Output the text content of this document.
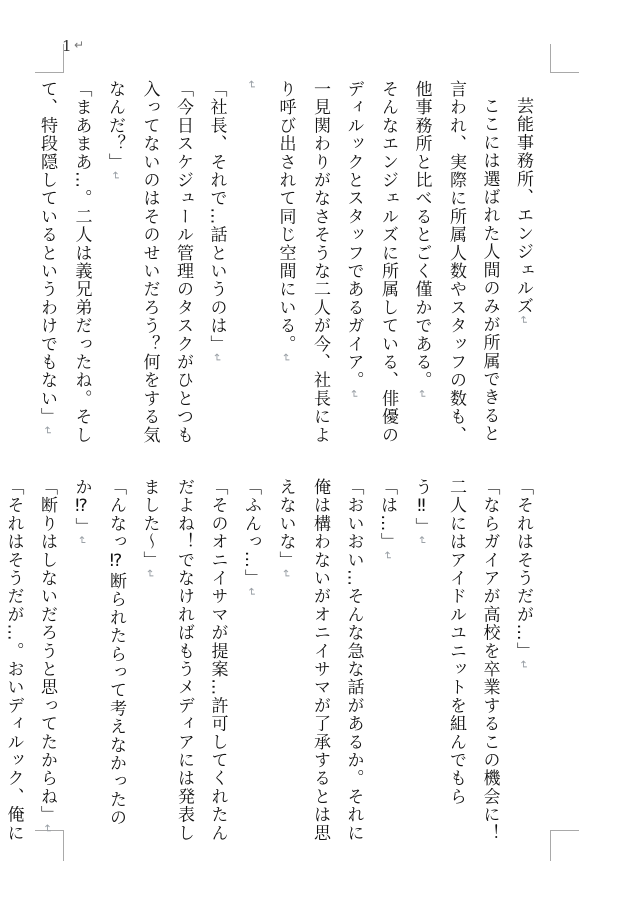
1 ↵

芸能事務所、エンジェルズ↵

ここには選ばれた人間のみが所属できると言われ、実際に所属人数やスタッフの数も、他事務所と比べるとごく僅かである。↵

そんなエンジェルズに所属している、俳優のディルックとスタッフであるガイア。↵

一見関わりがなさそうな二人が今、社長により呼び出されて同じ空間にいる。↵

↵

「社長、それで…話というのは」↵

「今日スケジュール管理のタスクがひとつも入ってないのはそのせいだろう？何をする気なんだ？」↵

「まあまあ…。二人は義兄弟だったね。そして、特段隠しているというわけでもない」↵

「それはそうだが…」↵

「ならガイアが高校を卒業するこの機会に！二人にはアイドルユニットを組んでもらう‼」↵

「は…」↵

「おいおい…そんな急な話があるか。それに俺は構わないがオニイサマが了承するとは思えないな」↵

「ふんっ…」↵

「そのオニイサマが提案…許可してくれたんだよね！でなければもうメディアには発表しました～」↵

「んなっ⁉断られたらって考えなかったのか⁉」↵

「断りはしないだろうと思ってたからね」↵

「それはそうだが…。おいディルック、俺に
